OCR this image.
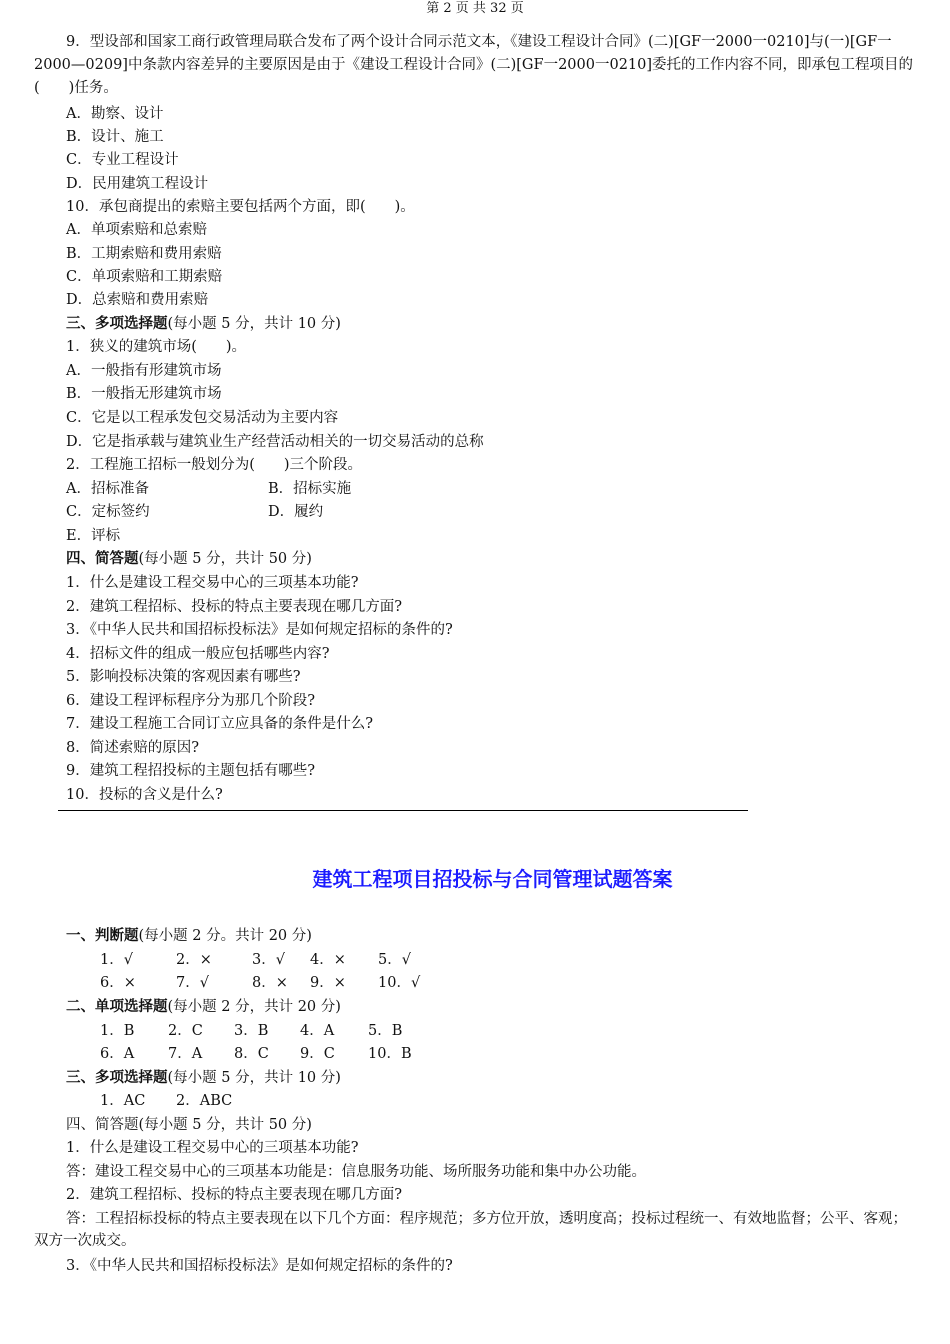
第 2 页 共 32 页
9．型设部和国家工商行政管理局联合发布了两个设计合同示范文本，《建设工程设计合同》(二)[GF一2000一0210]与(一)[GF一2000—0209]中条款内容差异的主要原因是由于《建设工程设计合同》(二)[GF一2000一0210]委托的工作内容不同，即承包工程项目的(　　)任务。
A．勘察、设计
B．设计、施工
C．专业工程设计
D．民用建筑工程设计
10．承包商提出的索赔主要包括两个方面，即(　　)。
A．单项索赔和总索赔
B．工期索赔和费用索赔
C．单项索赔和工期索赔
D．总索赔和费用索赔
三、多项选择题(每小题 5 分，共计 10 分)
1．狭义的建筑市场(　　)。
A．一般指有形建筑市场
B．一般指无形建筑市场
C．它是以工程承发包交易活动为主要内容
D．它是指承载与建筑业生产经营活动相关的一切交易活动的总称
2．工程施工招标一般划分为(　　)三个阶段。
A．招标准备	B．招标实施
C．定标签约	D．履约
E．评标
四、简答题(每小题 5 分，共计 50 分)
1．什么是建设工程交易中心的三项基本功能?
2．建筑工程招标、投标的特点主要表现在哪几方面?
3．《中华人民共和国招标投标法》是如何规定招标的条件的?
4．招标文件的组成一般应包括哪些内容?
5．影响投标决策的客观因素有哪些?
6．建设工程评标程序分为那几个阶段?
7．建设工程施工合同订立应具备的条件是什么?
8．简述索赔的原因?
9．建筑工程招投标的主题包括有哪些?
10．投标的含义是什么?
建筑工程项目招投标与合同管理试题答案
一、判断题(每小题 2 分。共计 20 分)
1．√	2．×	3．√ 4．× 5．√
6．×	7．√	8．× 9．× 10．√
二、单项选择题(每小题 2 分，共计 20 分)
1．B 2．C 3．B 4．A 5．B
6．A 7．A 8．C 9．C 10．B
三、多项选择题(每小题 5 分，共计 10 分)
1．AC 2．ABC
四、简答题(每小题 5 分，共计 50 分)
1．什么是建设工程交易中心的三项基本功能?
答：建设工程交易中心的三项基本功能是：信息服务功能、场所服务功能和集中办公功能。
2．建筑工程招标、投标的特点主要表现在哪几方面?
答：工程招标投标的特点主要表现在以下几个方面：程序规范；多方位开放，透明度高；投标过程统一、有效地监督；公平、客观；双方一次成交。
3．《中华人民共和国招标投标法》是如何规定招标的条件的?
